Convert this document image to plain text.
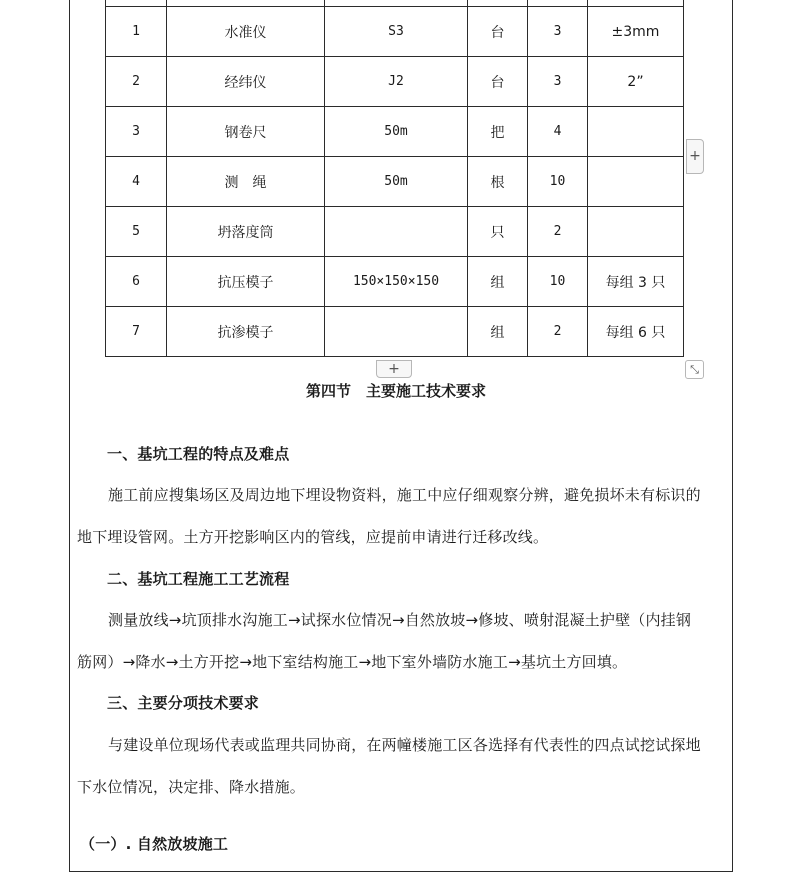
1	水准仪	S3	台	3	±3mm
2	经纬仪	J2	台	3	2”
3	钢卷尺	50m	把	4	
4	测　绳	50m	根	10	
5	坍落度筒		只	2	
6	抗压模子	150×150×150	组	10	每组 3 只
7	抗渗模子		组	2	每组 6 只
+
+
⤡
第四节　主要施工技术要求
一、基坑工程的特点及难点
施工前应搜集场区及周边地下埋设物资料，施工中应仔细观察分辨，避免损坏未有标识的
地下埋设管网。土方开挖影响区内的管线，应提前申请进行迁移改线。
二、基坑工程施工工艺流程
测量放线→坑顶排水沟施工→试探水位情况→自然放坡→修坡、喷射混凝土护壁（内挂钢
筋网）→降水→土方开挖→地下室结构施工→地下室外墙防水施工→基坑土方回填。
三、主要分项技术要求
与建设单位现场代表或监理共同协商，在两幢楼施工区各选择有代表性的四点试挖试探地
下水位情况，决定排、降水措施。
（一）. 自然放坡施工
